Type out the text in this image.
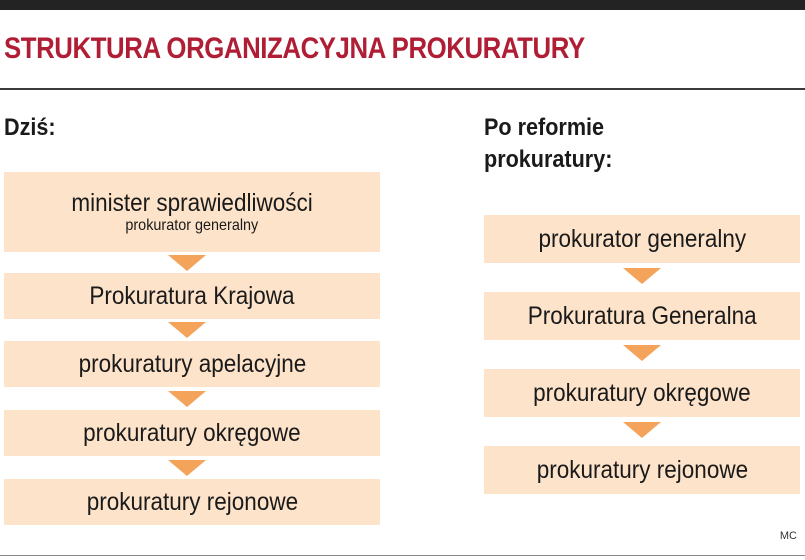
STRUKTURA ORGANIZACYJNA PROKURATURY
Dziś:
minister sprawiedliwości
prokurator generalny
Prokuratura Krajowa
prokuratury apelacyjne
prokuratury okręgowe
prokuratury rejonowe
Po reformie
prokuratury:
prokurator generalny
Prokuratura Generalna
prokuratury okręgowe
prokuratury rejonowe
MC
